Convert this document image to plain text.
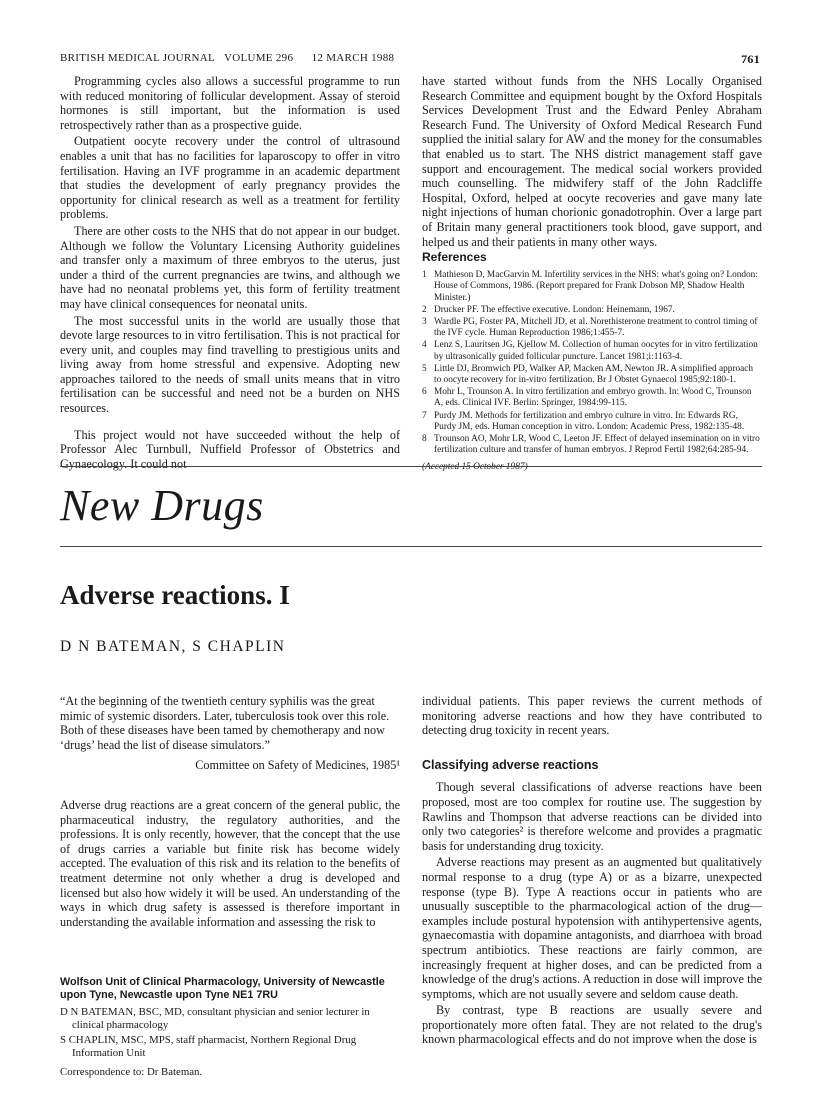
BRITISH MEDICAL JOURNAL VOLUME 296 12 MARCH 1988	761

Programming cycles also allows a successful programme to run with reduced monitoring of follicular development. Assay of steroid hormones is still important, but the information is used retrospectively rather than as a prospective guide.

Outpatient oocyte recovery under the control of ultrasound enables a unit that has no facilities for laparoscopy to offer in vitro fertilisation. Having an IVF programme in an academic department that studies the development of early pregnancy provides the opportunity for clinical research as well as a treatment for fertility problems.

There are other costs to the NHS that do not appear in our budget. Although we follow the Voluntary Licensing Authority guidelines and transfer only a maximum of three embryos to the uterus, just under a third of the current pregnancies are twins, and although we have had no neonatal problems yet, this form of fertility treatment may have clinical consequences for neonatal units.

The most successful units in the world are usually those that devote large resources to in vitro fertilisation. This is not practical for every unit, and couples may find travelling to prestigious units and living away from home stressful and expensive. Adopting new approaches tailored to the needs of small units means that in vitro fertilisation can be successful and need not be a burden on NHS resources.

This project would not have succeeded without the help of Professor Alec Turnbull, Nuffield Professor of Obstetrics and Gynaecology. It could not

have started without funds from the NHS Locally Organised Research Committee and equipment bought by the Oxford Hospitals Services Development Trust and the Edward Penley Abraham Research Fund. The University of Oxford Medical Research Fund supplied the initial salary for AW and the money for the consumables that enabled us to start. The NHS district management staff gave support and encouragement. The medical social workers provided much counselling. The midwifery staff of the John Radcliffe Hospital, Oxford, helped at oocyte recoveries and gave many late night injections of human chorionic gonadotrophin. Over a large part of Britain many general practitioners took blood, gave support, and helped us and their patients in many other ways.

References
1 Mathieson D, MacGarvin M. Infertility services in the NHS: what's going on? London: House of Commons, 1986. (Report prepared for Frank Dobson MP, Shadow Health Minister.)
2 Drucker PF. The effective executive. London: Heinemann, 1967.
3 Wardle PG, Foster PA, Mitchell JD, et al. Norethisterone treatment to control timing of the IVF cycle. Human Reproduction 1986;1:455-7.
4 Lenz S, Lauritsen JG, Kjellow M. Collection of human oocytes for in vitro fertilization by ultrasonically guided follicular puncture. Lancet 1981;i:1163-4.
5 Little DJ, Bromwich PD, Walker AP, Macken AM, Newton JR. A simplified approach to oocyte recovery for in-vitro fertilization. Br J Obstet Gynaecol 1985;92:180-1.
6 Mohr L, Trounson A. In vitro fertilization and embryo growth. In: Wood C, Trounson A, eds. Clinical IVF. Berlin: Springer, 1984:99-115.
7 Purdy JM. Methods for fertilization and embryo culture in vitro. In: Edwards RG, Purdy JM, eds. Human conception in vitro. London: Academic Press, 1982:135-48.
8 Trounson AO, Mohr LR, Wood C, Leeton JF. Effect of delayed insemination on in vitro fertilization culture and transfer of human embryos. J Reprod Fertil 1982;64:285-94.
(Accepted 15 October 1987)
New Drugs
Adverse reactions. I
D N BATEMAN, S CHAPLIN
“At the beginning of the twentieth century syphilis was the great mimic of systemic disorders. Later, tuberculosis took over this role. Both of these diseases have been tamed by chemotherapy and now ‘drugs’ head the list of disease simulators.”
Committee on Safety of Medicines, 1985¹

Adverse drug reactions are a great concern of the general public, the pharmaceutical industry, the regulatory authorities, and the professions. It is only recently, however, that the concept that the use of drugs carries a variable but finite risk has become widely accepted. The evaluation of this risk and its relation to the benefits of treatment determine not only whether a drug is developed and licensed but also how widely it will be used. An understanding of the ways in which drug safety is assessed is therefore important in understanding the available information and assessing the risk to

Wolfson Unit of Clinical Pharmacology, University of Newcastle upon Tyne, Newcastle upon Tyne NE1 7RU
D N BATEMAN, BSC, MD, consultant physician and senior lecturer in clinical pharmacology
S CHAPLIN, MSC, MPS, staff pharmacist, Northern Regional Drug Information Unit
Correspondence to: Dr Bateman.

individual patients. This paper reviews the current methods of monitoring adverse reactions and how they have contributed to detecting drug toxicity in recent years.

Classifying adverse reactions

Though several classifications of adverse reactions have been proposed, most are too complex for routine use. The suggestion by Rawlins and Thompson that adverse reactions can be divided into only two categories² is therefore welcome and provides a pragmatic basis for understanding drug toxicity.

Adverse reactions may present as an augmented but qualitatively normal response to a drug (type A) or as a bizarre, unexpected response (type B). Type A reactions occur in patients who are unusually susceptible to the pharmacological action of the drug—examples include postural hypotension with antihypertensive agents, gynaecomastia with dopamine antagonists, and diarrhoea with broad spectrum antibiotics. These reactions are fairly common, are increasingly frequent at higher doses, and can be predicted from a knowledge of the drug's actions. A reduction in dose will improve the symptoms, which are not usually severe and seldom cause death.

By contrast, type B reactions are usually severe and proportionately more often fatal. They are not related to the drug's known pharmacological effects and do not improve when the dose is
